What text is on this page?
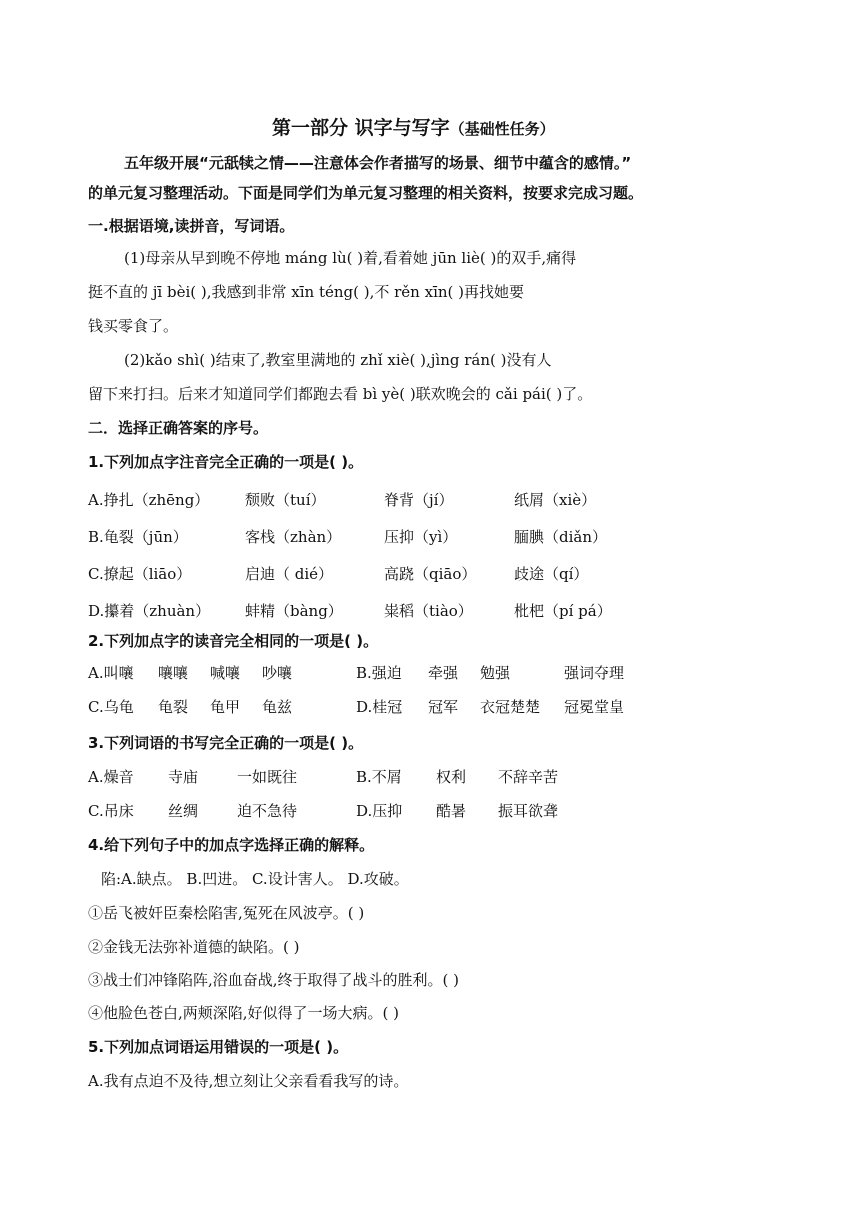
第一部分 识字与写字（基础性任务）
五年级开展“元舐犊之情——注意体会作者描写的场景、细节中蕴含的感情。”
的单元复习整理活动。下面是同学们为单元复习整理的相关资料，按要求完成习题。
一.根据语境,读拼音，写词语。
(1)母亲从早到晚不停地 máng lù( )着,看着她 jūn liè( )的双手,痛得
挺不直的 jī bèi( ),我感到非常 xīn téng( ),不 rěn xīn( )再找她要
钱买零食了。
(2)kǎo shì( )结束了,教室里满地的 zhǐ xiè( ),jìng rán( )没有人
留下来打扫。后来才知道同学们都跑去看 bì yè( )联欢晚会的 cǎi pái( )了。
二．选择正确答案的序号。
1.下列加点字注音完全正确的一项是( )。
A.挣扎（zhēng） 颓败（tuí）	脊背（jí）	纸屑（xiè）
B.龟裂（jūn）	客栈（zhàn）	压抑（yì）	腼腆（diǎn）
C.撩起（liāo）	启迪（ dié）	高跷（qiāo）	歧途（qí）
D.攥着（zhuàn） 蚌精（bàng）	粜稻（tiào）	枇杷（pí pá）
2.下列加点字的读音完全相同的一项是( )。
A.叫嚷 嚷嚷 喊嚷 吵嚷	B.强迫 牵强 勉强	强词夺理
C.乌龟 龟裂 龟甲 龟兹	D.桂冠 冠军 衣冠楚楚 冠冕堂皇
3.下列词语的书写完全正确的一项是( )。
A.燥音 寺庙	一如既往	B.不屑 权利 不辞辛苦
C.吊床 丝绸	迫不急待	D.压抑 酷暑 振耳欲聋
4.给下列句子中的加点字选择正确的解释。
陷:A.缺点。 B.凹进。 C.设计害人。 D.攻破。
①岳飞被奸臣秦桧陷害,冤死在风波亭。( )
②金钱无法弥补道德的缺陷。( )
③战士们冲锋陷阵,浴血奋战,终于取得了战斗的胜利。( )
④他脸色苍白,两颊深陷,好似得了一场大病。( )
5.下列加点词语运用错误的一项是( )。
A.我有点迫不及待,想立刻让父亲看看我写的诗。
